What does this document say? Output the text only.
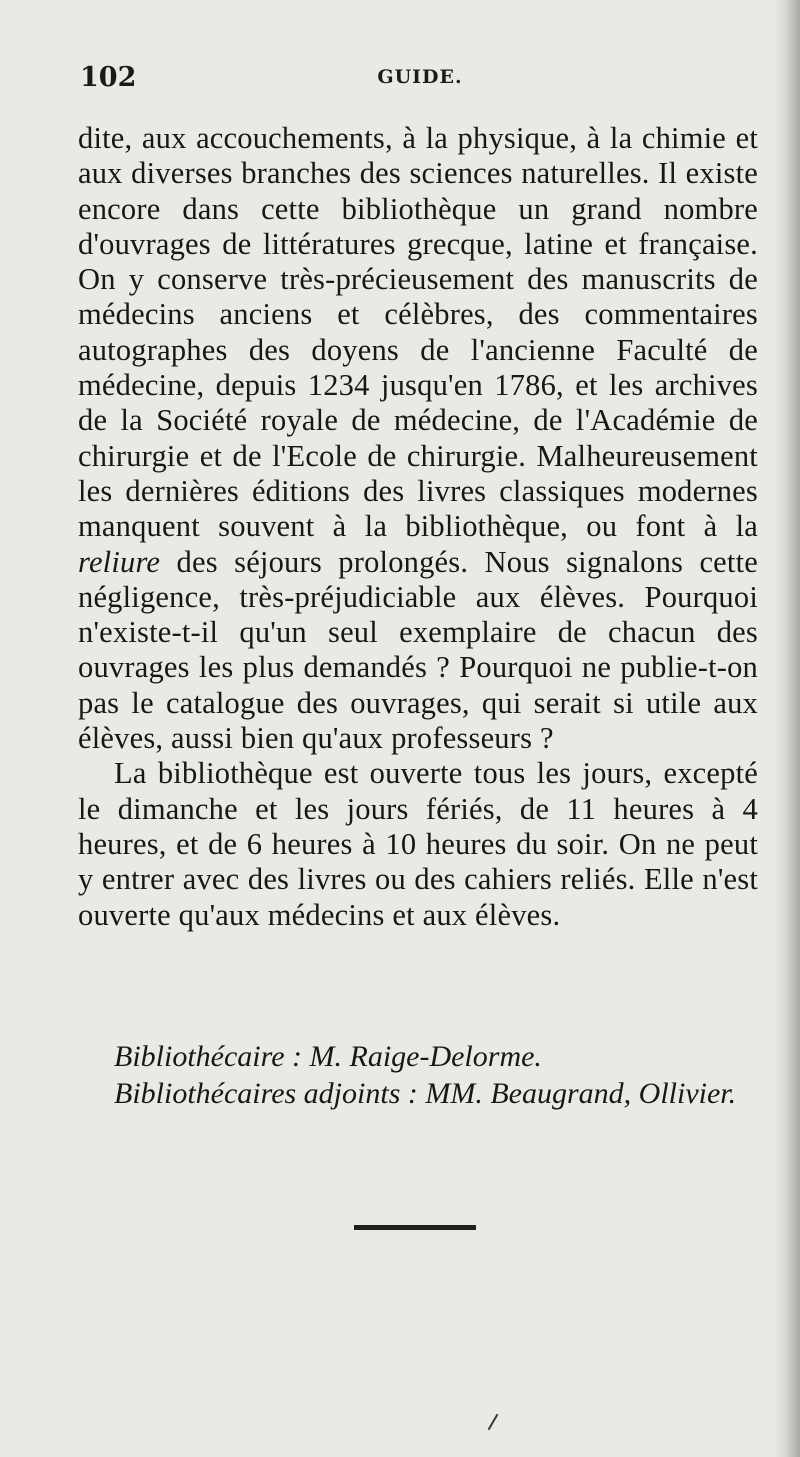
102	GUIDE.

dite, aux accouchements, à la physique, à la chimie et aux diverses branches des sciences naturelles. Il existe encore dans cette bibliothèque un grand nombre d'ouvrages de littératures grecque, latine et française. On y conserve très-précieusement des manuscrits de médecins anciens et célèbres, des commentaires autographes des doyens de l'ancienne Faculté de médecine, depuis 1234 jusqu'en 1786, et les archives de la Société royale de médecine, de l'Académie de chirurgie et de l'Ecole de chirurgie. Malheureusement les dernières éditions des livres classiques modernes manquent souvent à la bibliothèque, ou font à la reliure des séjours prolongés. Nous signalons cette négligence, très-préjudiciable aux élèves. Pourquoi n'existe-t-il qu'un seul exemplaire de chacun des ouvrages les plus demandés ? Pourquoi ne publie-t-on pas le catalogue des ouvrages, qui serait si utile aux élèves, aussi bien qu'aux professeurs ?

La bibliothèque est ouverte tous les jours, excepté le dimanche et les jours fériés, de 11 heures à 4 heures, et de 6 heures à 10 heures du soir. On ne peut y entrer avec des livres ou des cahiers reliés. Elle n'est ouverte qu'aux médecins et aux élèves.

Bibliothécaire : M. Raige-Delorme.

Bibliothécaires adjoints : MM. Beaugrand, Ollivier.
